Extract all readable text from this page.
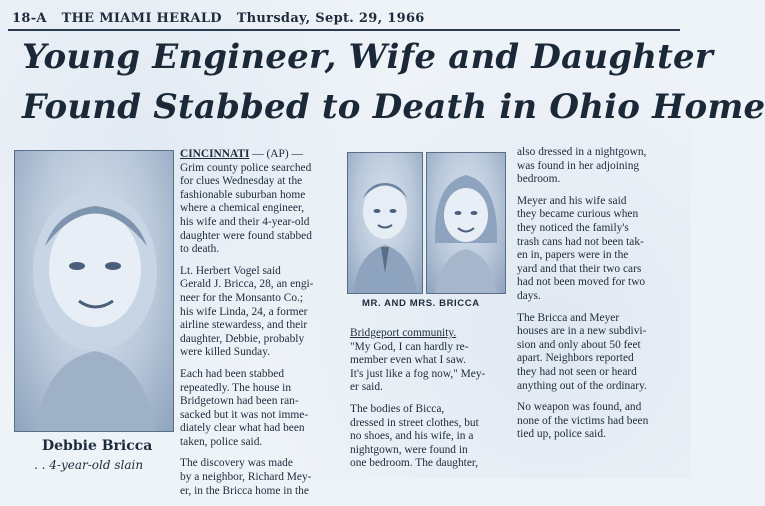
18-A THE MIAMI HERALD Thursday, Sept. 29, 1966
Young Engineer, Wife and Daughter
Found Stabbed to Death in Ohio Home
Debbie Bricca
. . 4-year-old slain

CINCINNATI — (AP) —
Grim county police searched
for clues Wednesday at the
fashionable suburban home
where a chemical engineer,
his wife and their 4-year-old
daughter were found stabbed
to death.

Lt. Herbert Vogel said
Gerald J. Bricca, 28, an engi-
neer for the Monsanto Co.;
his wife Linda, 24, a former
airline stewardess, and their
daughter, Debbie, probably
were killed Sunday.

Each had been stabbed
repeatedly. The house in
Bridgetown had been ran-
sacked but it was not imme-
diately clear what had been
taken, police said.

The discovery was made
by a neighbor, Richard Mey-
er, in the Bricca home in the

MR. AND MRS. BRICCA

Bridgeport community.
"My God, I can hardly re-
member even what I saw.
It's just like a fog now," Mey-
er said.

The bodies of Bicca,
dressed in street clothes, but
no shoes, and his wife, in a
nightgown, were found in
one bedroom. The daughter,

also dressed in a nightgown,
was found in her adjoining
bedroom.

Meyer and his wife said
they became curious when
they noticed the family's
trash cans had not been tak-
en in, papers were in the
yard and that their two cars
had not been moved for two
days.

The Bricca and Meyer
houses are in a new subdivi-
sion and only about 50 feet
apart. Neighbors reported
they had not seen or heard
anything out of the ordinary.

No weapon was found, and
none of the victims had been
tied up, police said.
